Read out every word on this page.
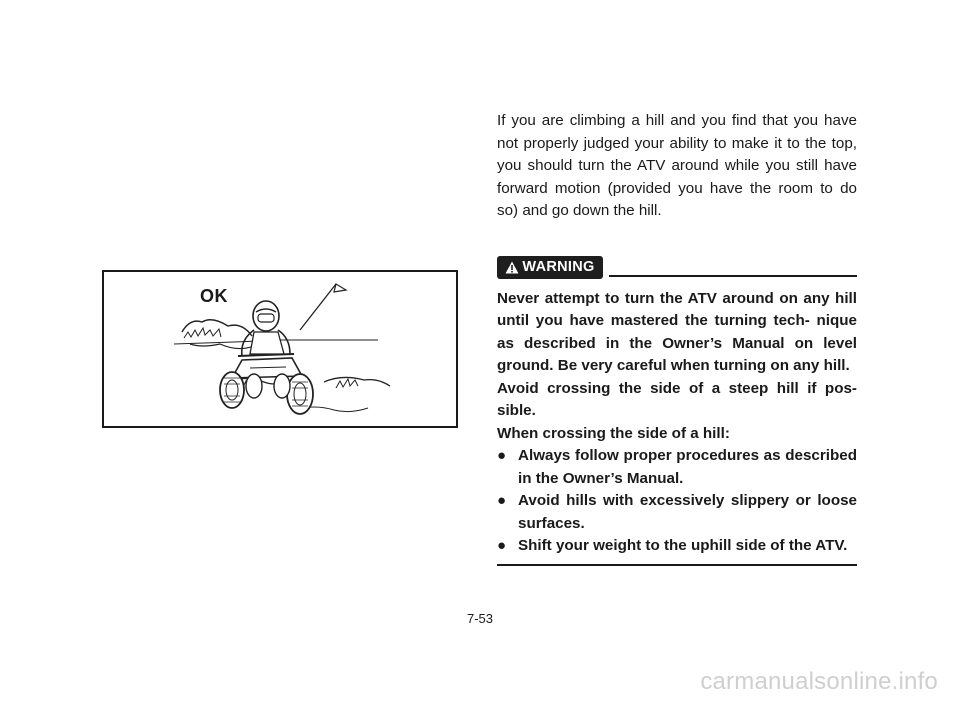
OK

If you are climbing a hill and you find that you have not properly judged your ability to make it to the top, you should turn the ATV around while you still have forward motion (provided you have the room to do so) and go down the hill.

WARNING

Never attempt to turn the ATV around on any hill until you have mastered the turning tech- nique as described in the Owner’s Manual on level ground. Be very careful when turning on any hill.

Avoid crossing the side of a steep hill if pos- sible.

When crossing the side of a hill:

● Always follow proper procedures as described in the Owner’s Manual.
● Avoid hills with excessively slippery or loose surfaces.
● Shift your weight to the uphill side of the ATV.
7-53
carmanualsonline.info
